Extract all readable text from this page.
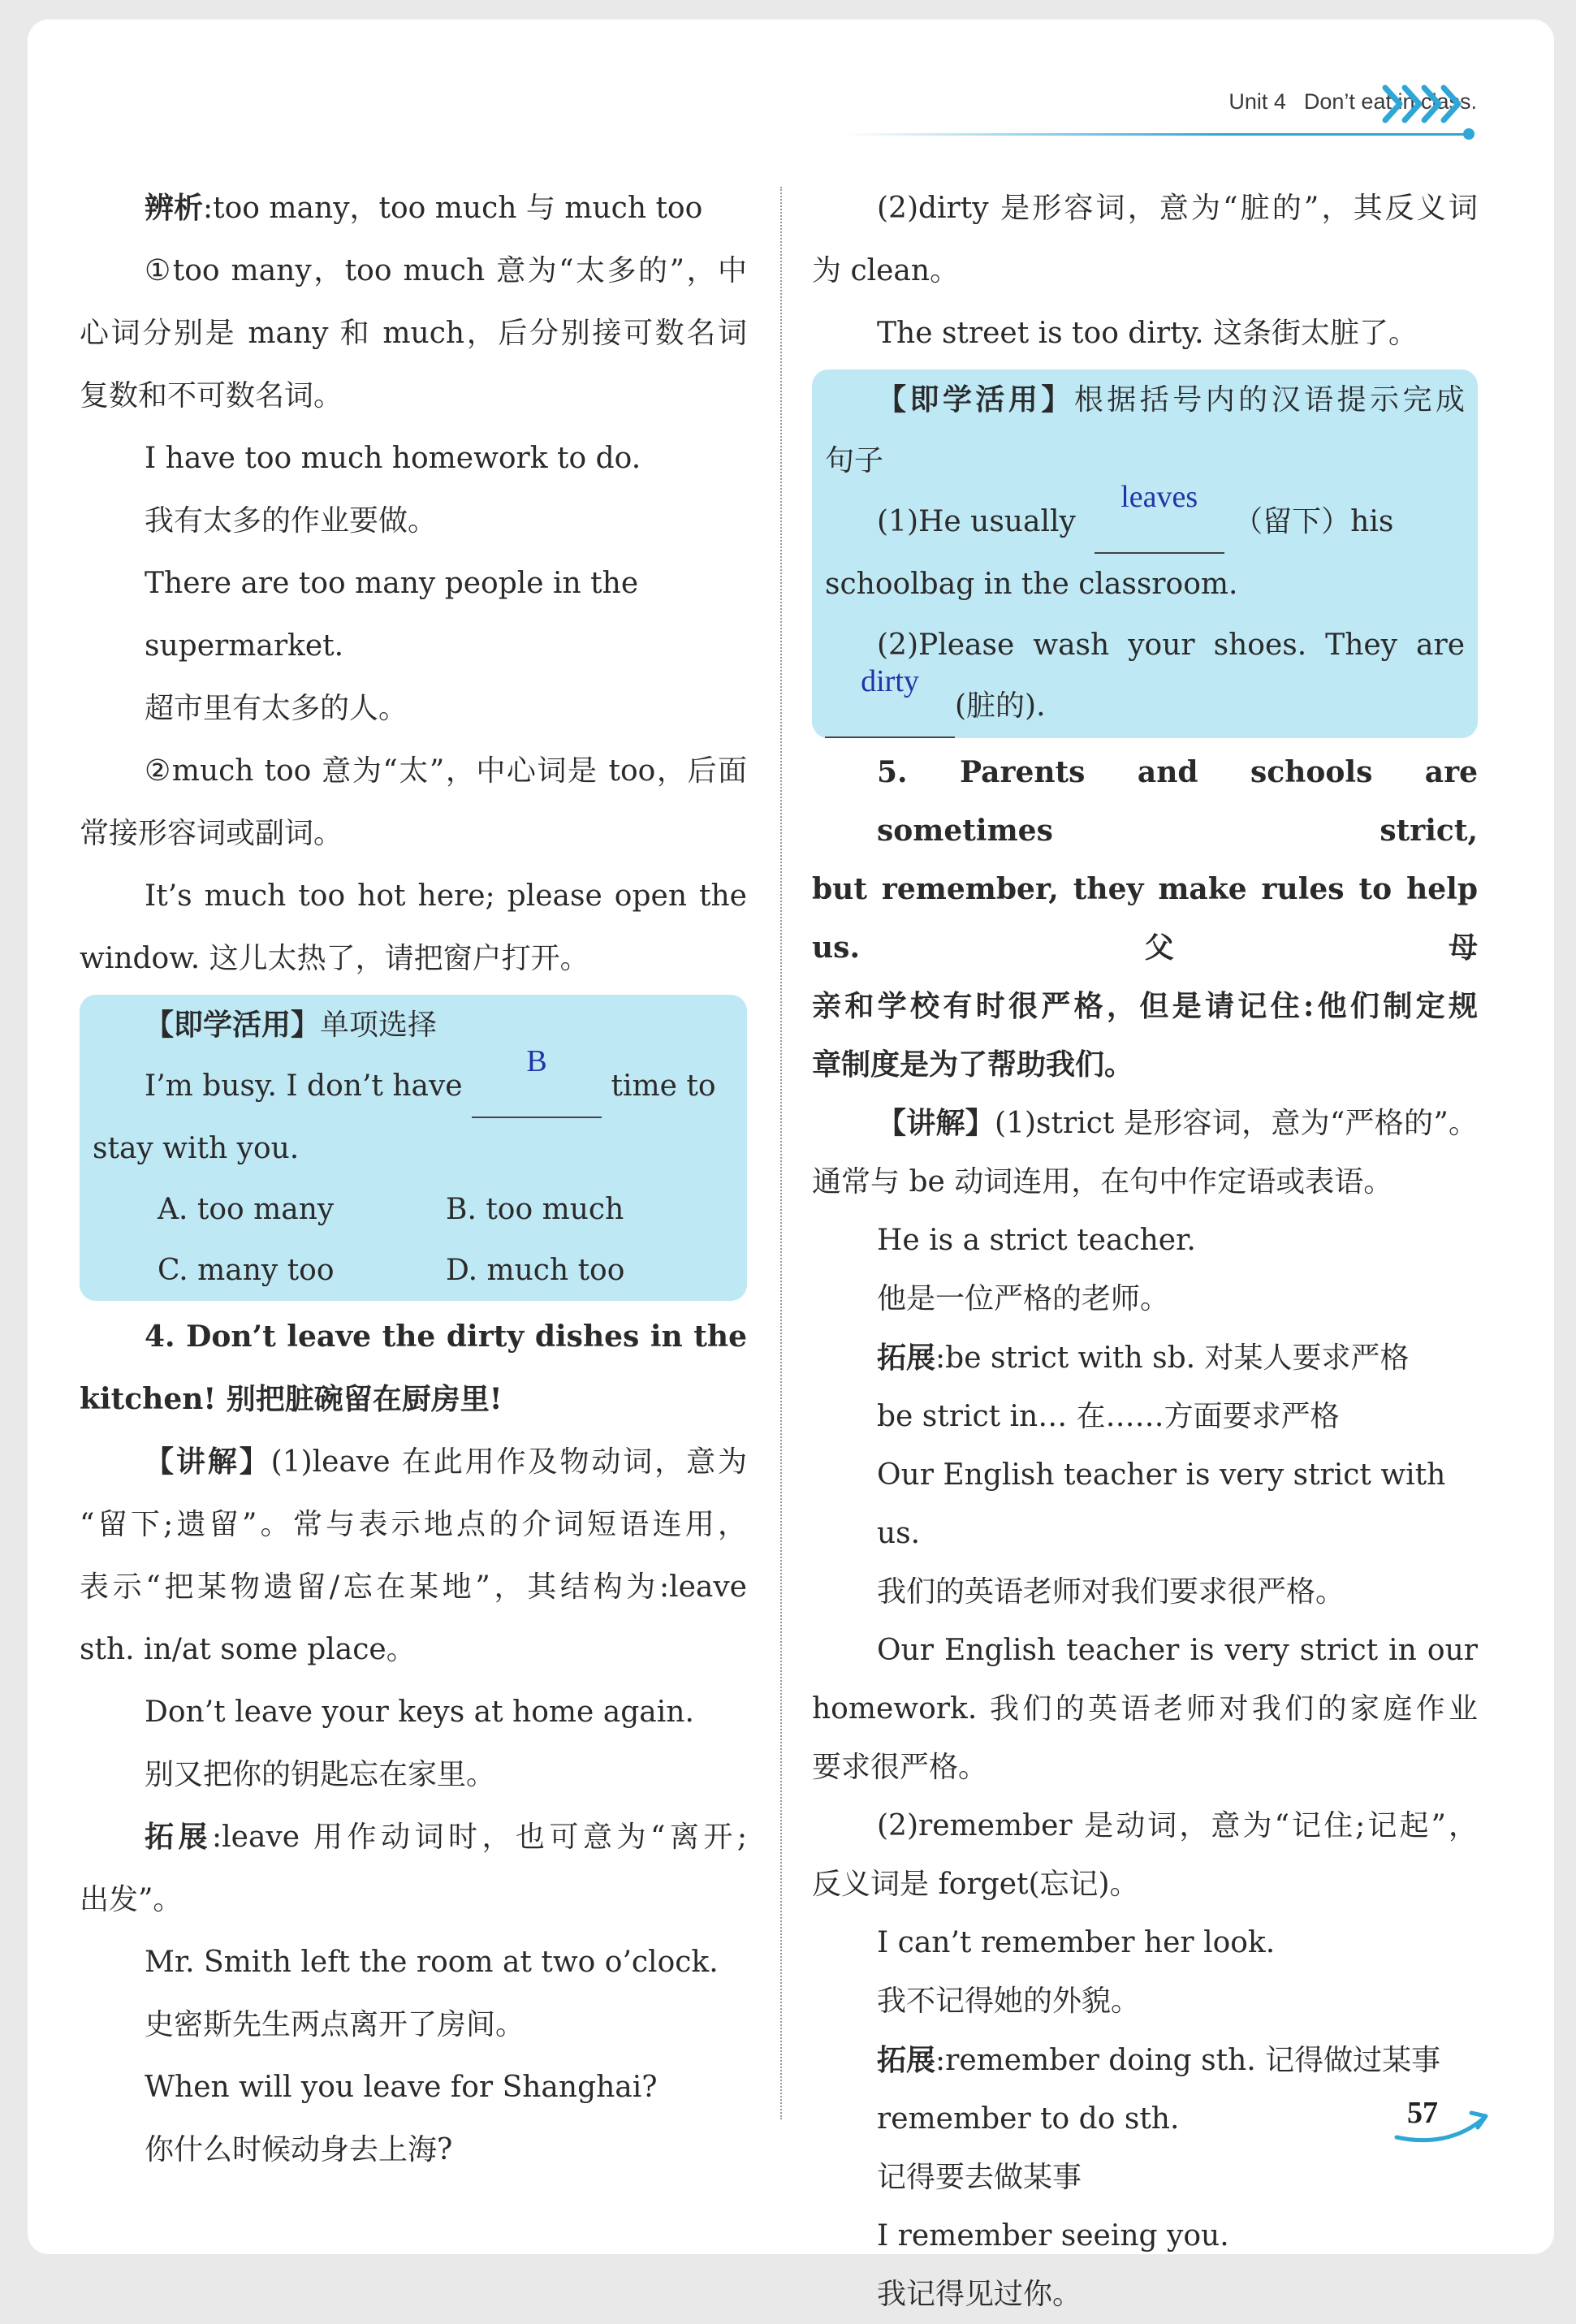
Unit 4 Don’t eat in class.

辨析:too many，too much 与 much too

①too many，too much 意为“太多的”，中

心词分别是 many 和 much，后分别接可数名词

复数和不可数名词。

I have too much homework to do.

我有太多的作业要做。

There are too many people in the supermarket.

超市里有太多的人。

②much too 意为“太”，中心词是 too，后面

常接形容词或副词。

It’s much too hot here; please open the

window. 这儿太热了，请把窗户打开。

【即学活用】单项选择

I’m busy. I don’t have
B
time to

stay with you.

A. too many	B. too much

C. many too	D. much too

4. Don’t leave the dirty dishes in the

kitchen! 别把脏碗留在厨房里!

【讲解】(1)leave 在此用作及物动词，意为

“留下;遗留”。常与表示地点的介词短语连用，

表示“把某物遗留/忘在某地”，其结构为:leave

sth. in/at some place。

Don’t leave your keys at home again.

别又把你的钥匙忘在家里。

拓展:leave 用作动词时，也可意为“离开;

出发”。

Mr. Smith left the room at two o’clock.

史密斯先生两点离开了房间。

When will you leave for Shanghai?

你什么时候动身去上海?

(2)dirty 是形容词，意为“脏的”，其反义词

为 clean。

The street is too dirty. 这条街太脏了。

【即学活用】根据括号内的汉语提示完成

句子

(1)He usually
leaves
（留下）his

schoolbag in the classroom.

(2)Please wash your shoes. They are

dirty
(脏的).

5. Parents and schools are sometimes strict,

but remember, they make rules to help us. 父母

亲和学校有时很严格，但是请记住:他们制定规

章制度是为了帮助我们。

【讲解】(1)strict 是形容词，意为“严格的”。

通常与 be 动词连用，在句中作定语或表语。

He is a strict teacher.

他是一位严格的老师。

拓展:be strict with sb. 对某人要求严格

be strict in… 在……方面要求严格

Our English teacher is very strict with us.

我们的英语老师对我们要求很严格。

Our English teacher is very strict in our

homework. 我们的英语老师对我们的家庭作业

要求很严格。

(2)remember 是动词，意为“记住;记起”，

反义词是 forget(忘记)。

I can’t remember her look.

我不记得她的外貌。

拓展:remember doing sth. 记得做过某事

remember to do sth.

记得要去做某事

I remember seeing you.

我记得见过你。

57
